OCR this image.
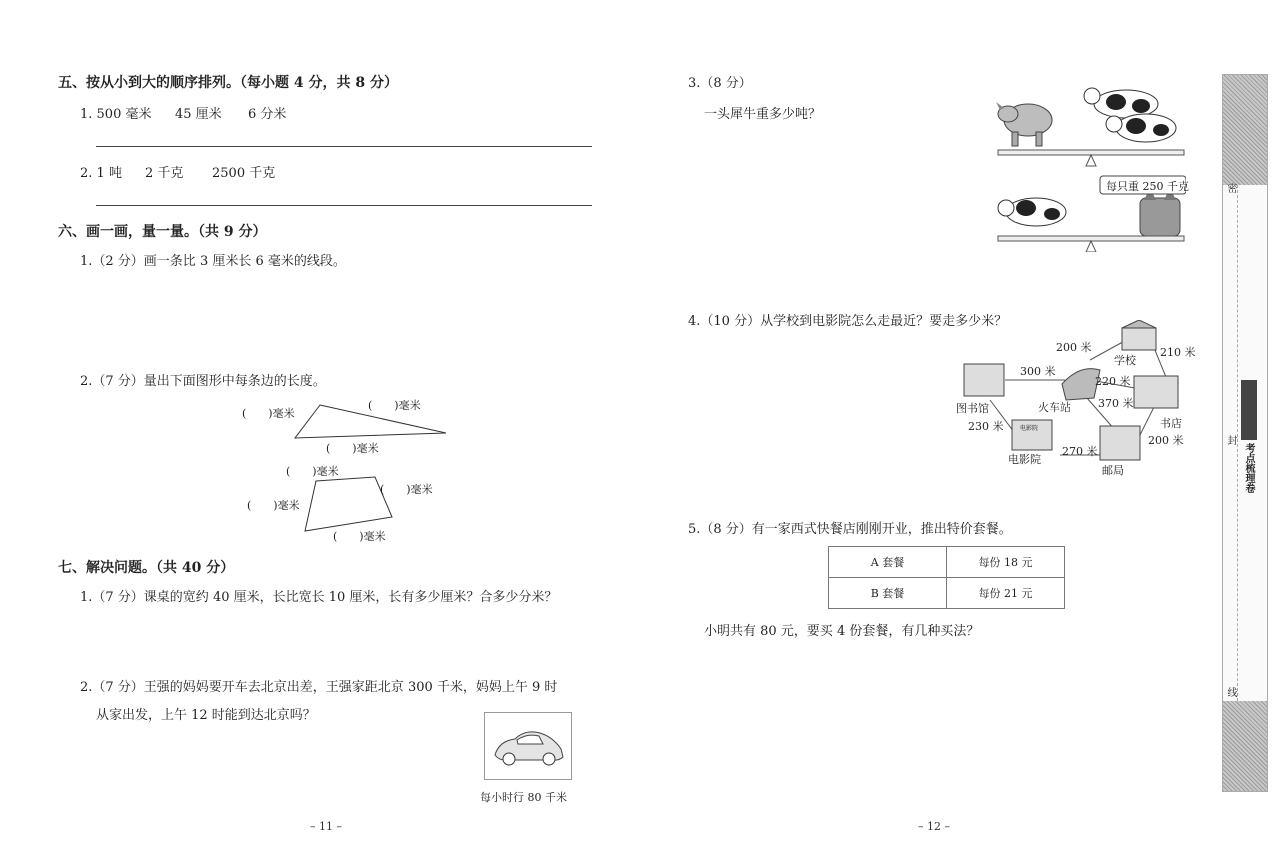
五、按从小到大的顺序排列。（每小题 4 分，共 8 分）
1. 500 毫米 45 厘米 6 分米
2. 1 吨 2 千克 2500 千克
六、画一画，量一量。（共 9 分）
1.（2 分）画一条比 3 厘米长 6 毫米的线段。
2.（7 分）量出下面图形中每条边的长度。
(　　)毫米
(　　)毫米
(　　)毫米
(　　)毫米
(　　)毫米
(　　)毫米
(　　)毫米
七、解决问题。（共 40 分）
1.（7 分）课桌的宽约 40 厘米，长比宽长 10 厘米，长有多少厘米？合多少分米？
2.（7 分）王强的妈妈要开车去北京出差，王强家距北京 300 千米，妈妈上午 9 时
从家出发，上午 12 时能到达北京吗？
每小时行 80 千米
– 11 –
3.（8 分）
一头犀牛重多少吨？
每只重 250 千克
4.（10 分）从学校到电影院怎么走最近？要走多少米？
学校
图书馆	火车站
书店
电影院
邮局
电影院
200 米	210 米
300 米
220 米
370 米
230 米
270 米
200 米
5.（8 分）有一家西式快餐店刚刚开业，推出特价套餐。
A 套餐	每份 18 元
B 套餐	每份 21 元
小明共有 80 元，要买 4 份套餐，有几种买法？
– 12 –
密
封
线
考点梳理卷
